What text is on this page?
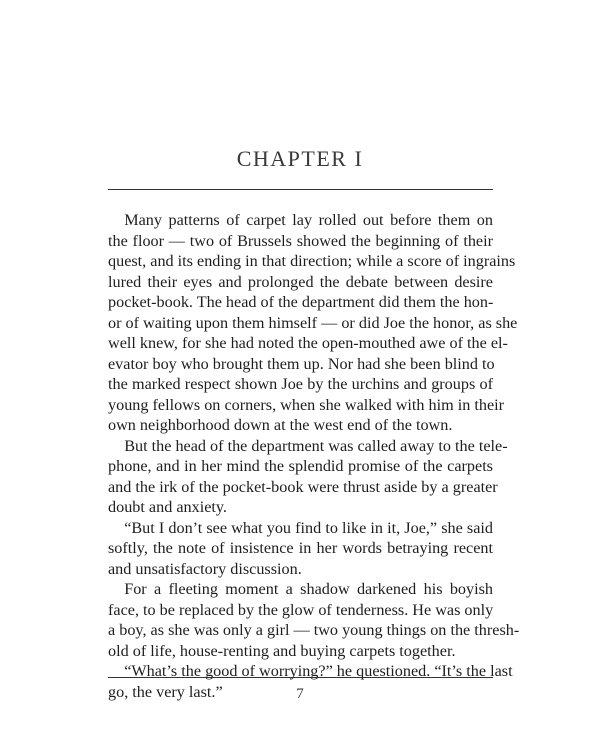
CHAPTER I
 Many patterns of carpet lay rolled out before them on
the floor — two of Brussels showed the beginning of their
quest, and its ending in that direction; while a score of ingrains
lured their eyes and prolonged the debate between desire
pocket-book. The head of the department did them the hon-
or of waiting upon them himself — or did Joe the honor, as she
well knew, for she had noted the open-mouthed awe of the el-
evator boy who brought them up. Nor had she been blind to
the marked respect shown Joe by the urchins and groups of
young fellows on corners, when she walked with him in their
own neighborhood down at the west end of the town.
 But the head of the department was called away to the tele-
phone, and in her mind the splendid promise of the carpets
and the irk of the pocket-book were thrust aside by a greater
doubt and anxiety.
 “But I don’t see what you find to like in it, Joe,” she said
softly, the note of insistence in her words betraying recent
and unsatisfactory discussion.
 For a fleeting moment a shadow darkened his boyish
face, to be replaced by the glow of tenderness. He was only
a boy, as she was only a girl — two young things on the thresh-
old of life, house-renting and buying carpets together.
 “What’s the good of worrying?” he questioned. “It’s the last
go, the very last.”	7
